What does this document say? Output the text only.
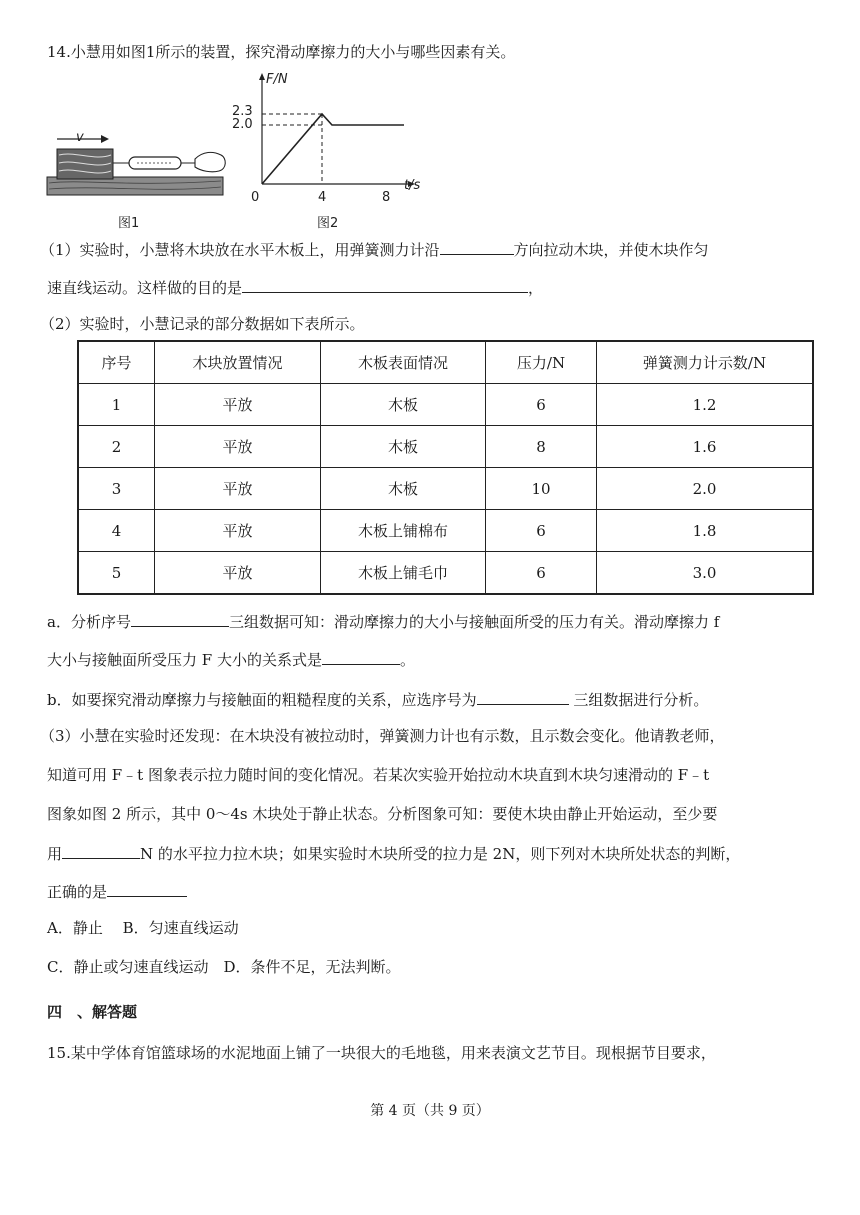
14.小慧用如图1所示的装置，探究滑动摩擦力的大小与哪些因素有关。
v
图1
F/N
2.3
2.0
0	4	8
t/s
图2
（1）实验时，小慧将木块放在水平木板上，用弹簧测力计沿	方向拉动木块，并使木块作匀
速直线运动。这样做的目的是	，
（2）实验时，小慧记录的部分数据如下表所示。
序号	木块放置情况	木板表面情况	压力/N	弹簧测力计示数/N
1	平放	木板	6	1.2
2	平放	木板	8	1.6
3	平放	木板	10	2.0
4	平放	木板上铺棉布	6	1.8
5	平放	木板上铺毛巾	6	3.0
a．分析序号	三组数据可知：滑动摩擦力的大小与接触面所受的压力有关。滑动摩擦力 f
大小与接触面所受压力 F 大小的关系式是	。
b．如要探究滑动摩擦力与接触面的粗糙程度的关系，应选序号为	三组数据进行分析。
（3）小慧在实验时还发现：在木块没有被拉动时，弹簧测力计也有示数，且示数会变化。他请教老师，
知道可用 F﹣t 图象表示拉力随时间的变化情况。若某次实验开始拉动木块直到木块匀速滑动的 F﹣t
图象如图 2 所示，其中 0～4s 木块处于静止状态。分析图象可知：要使木块由静止开始运动，至少要
用	N 的水平拉力拉木块；如果实验时木块所受的拉力是 2N，则下列对木块所处状态的判断，
正确的是
A．静止　 B．匀速直线运动
C．静止或匀速直线运动　D．条件不足，无法判断。
四　、解答题
15.某中学体育馆篮球场的水泥地面上铺了一块很大的毛地毯，用来表演文艺节目。现根据节目要求，
第 4 页（共 9 页）
